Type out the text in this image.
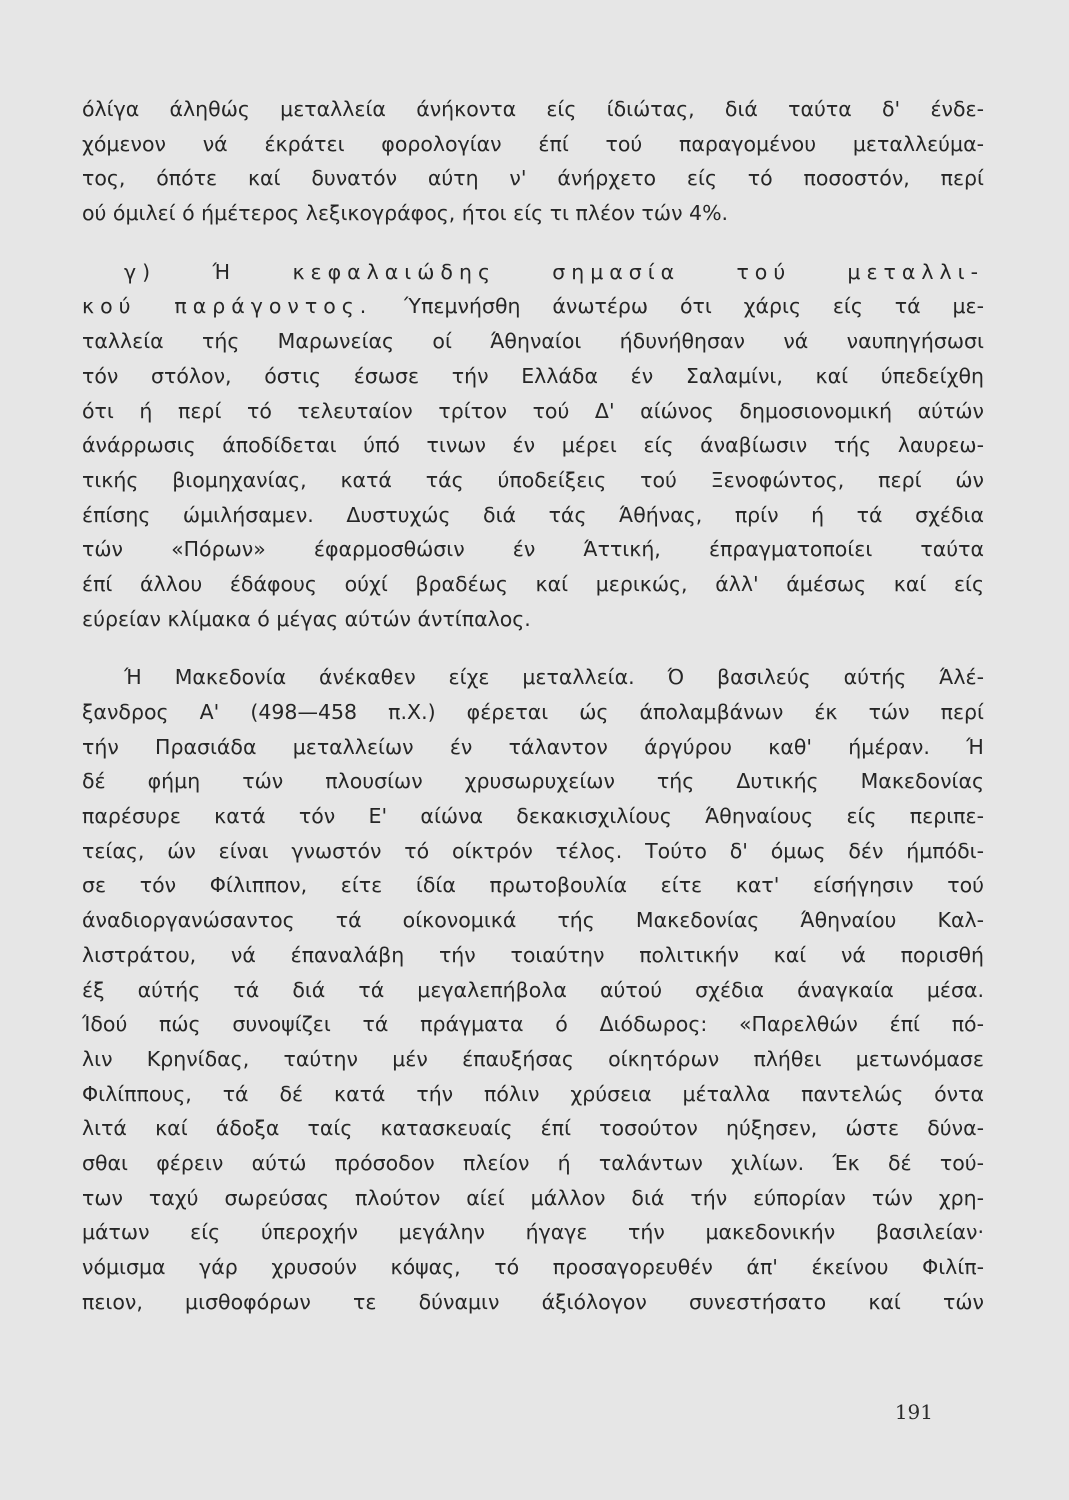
όλίγα άληθώς μεταλλεία άνήκοντα είς ίδιώτας, διά ταύτα δ' ένδε-
χόμενον νά έκράτει φορολογίαν έπί τού παραγομένου μεταλλεύμα-
τος, όπότε καί δυνατόν αύτη ν' άνήρχετο είς τό ποσοστόν, περί
ού όμιλεί ό ήμέτερος λεξικογράφος, ήτοι είς τι πλέον τών 4%.
γ) Ή κεφαλαιώδης σημασία τού μεταλλι-
κού παράγοντος. Ύπεμνήσθη άνωτέρω ότι χάρις είς τά με-
ταλλεία τής Μαρωνείας οί Άθηναίοι ήδυνήθησαν νά ναυπηγήσωσι
τόν στόλον, όστις έσωσε τήν Ελλάδα έν Σαλαμίνι, καί ύπεδείχθη
ότι ή περί τό τελευταίον τρίτον τού Δ' αίώνος δημοσιονομική αύτών
άνάρρωσις άποδίδεται ύπό τινων έν μέρει είς άναβίωσιν τής λαυρεω-
τικής βιομηχανίας, κατά τάς ύποδείξεις τού Ξενοφώντος, περί ών
έπίσης ώμιλήσαμεν. Δυστυχώς διά τάς Άθήνας, πρίν ή τά σχέδια
τών «Πόρων» έφαρμοσθώσιν έν Άττική, έπραγματοποίει ταύτα
έπί άλλου έδάφους ούχί βραδέως καί μερικώς, άλλ' άμέσως καί είς
εύρείαν κλίμακα ό μέγας αύτών άντίπαλος.
Ή Μακεδονία άνέκαθεν είχε μεταλλεία. Ό βασιλεύς αύτής Άλέ-
ξανδρος Α' (498—458 π.Χ.) φέρεται ώς άπολαμβάνων έκ τών περί
τήν Πρασιάδα μεταλλείων έν τάλαντον άργύρου καθ' ήμέραν. Ή
δέ φήμη τών πλουσίων χρυσωρυχείων τής Δυτικής Μακεδονίας
παρέσυρε κατά τόν Ε' αίώνα δεκακισχιλίους Άθηναίους είς περιπε-
τείας, ών είναι γνωστόν τό οίκτρόν τέλος. Τούτο δ' όμως δέν ήμπόδι-
σε τόν Φίλιππον, είτε ίδία πρωτοβουλία είτε κατ' είσήγησιν τού
άναδιοργανώσαντος τά οίκονομικά τής Μακεδονίας Άθηναίου Καλ-
λιστράτου, νά έπαναλάβη τήν τοιαύτην πολιτικήν καί νά πορισθή
έξ αύτής τά διά τά μεγαλεπήβολα αύτού σχέδια άναγκαία μέσα.
Ίδού πώς συνοψίζει τά πράγματα ό Διόδωρος: «Παρελθών έπί πό-
λιν Κρηνίδας, ταύτην μέν έπαυξήσας οίκητόρων πλήθει μετωνόμασε
Φιλίππους, τά δέ κατά τήν πόλιν χρύσεια μέταλλα παντελώς όντα
λιτά καί άδοξα ταίς κατασκευαίς έπί τοσούτον ηύξησεν, ώστε δύνα-
σθαι φέρειν αύτώ πρόσοδον πλείον ή ταλάντων χιλίων. Έκ δέ τού-
των ταχύ σωρεύσας πλούτον αίεί μάλλον διά τήν εύπορίαν τών χρη-
μάτων είς ύπεροχήν μεγάλην ήγαγε τήν μακεδονικήν βασιλείαν·
νόμισμα γάρ χρυσούν κόψας, τό προσαγορευθέν άπ' έκείνου Φιλίπ-
πειον, μισθοφόρων τε δύναμιν άξιόλογον συνεστήσατο καί τών
191
